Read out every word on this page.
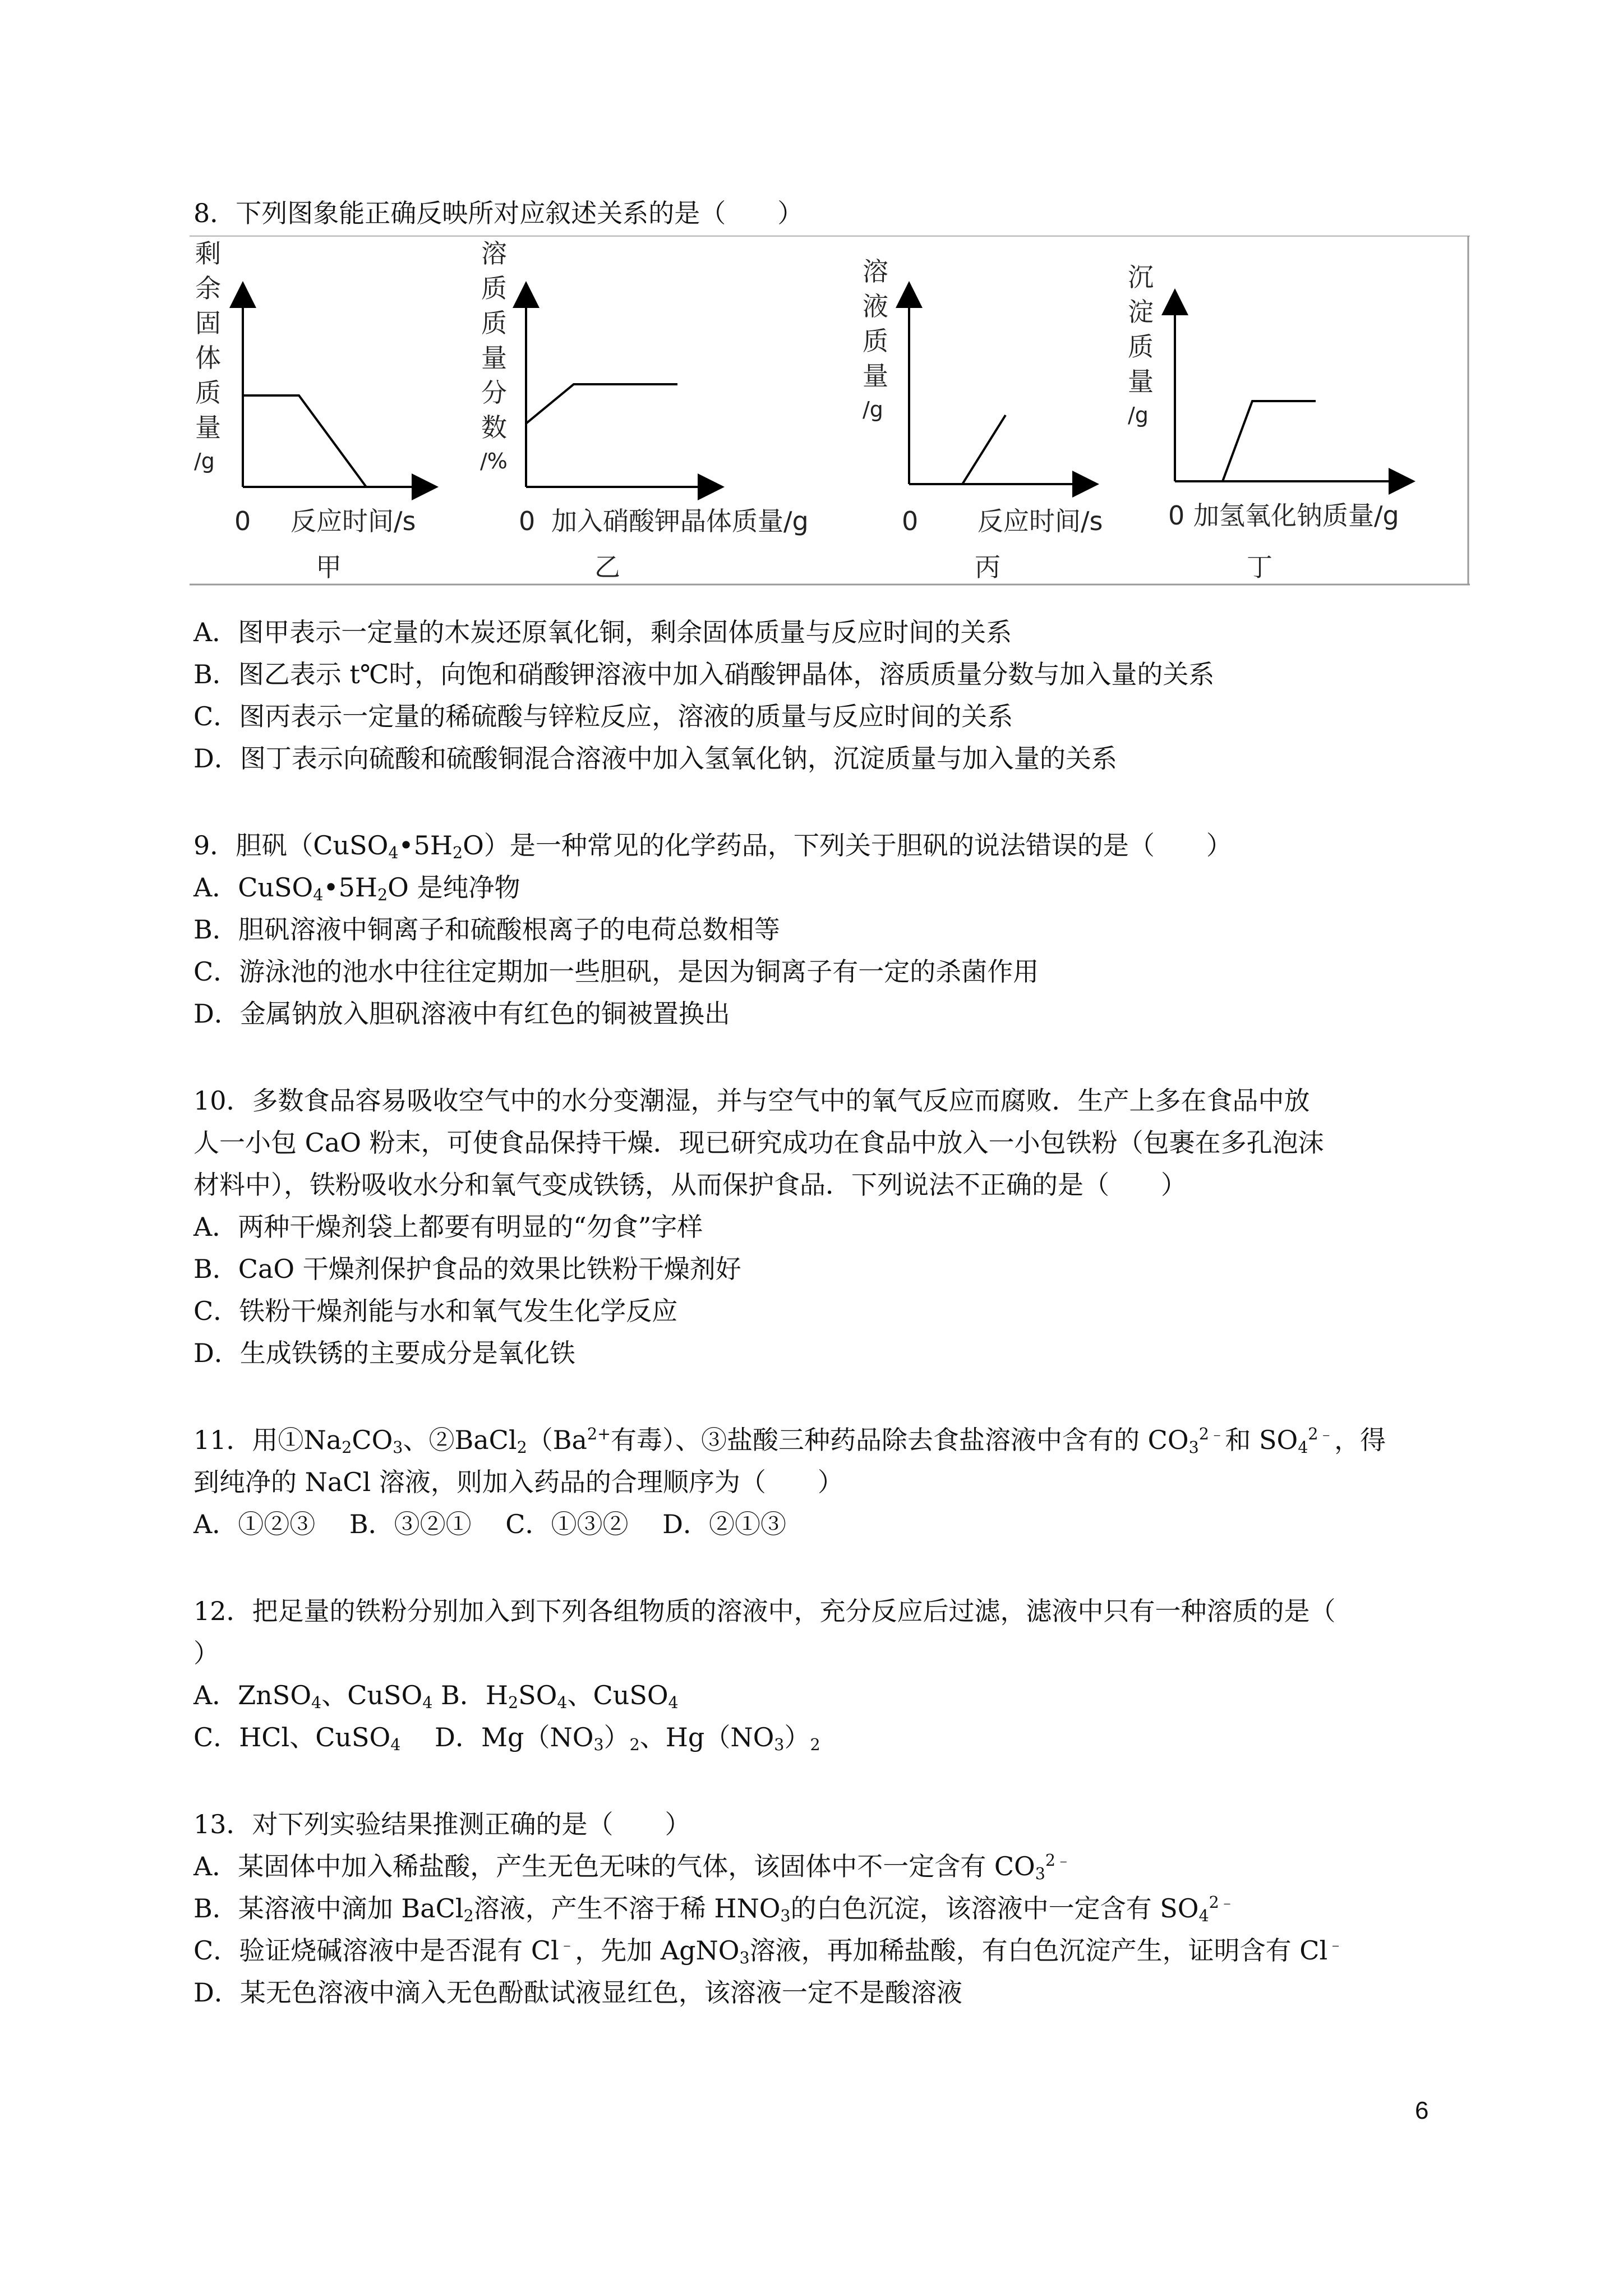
8．下列图象能正确反映所对应叙述关系的是（　　）
剩
余
固
体
质
量
/g
0 反应时间/s
甲
溶
质
质
量
分
数
/%
0 加入硝酸钾晶体质量/g
乙
溶
液
质
量
/g
0 反应时间/s
丙
沉
淀
质
量
/g
0 加氢氧化钠质量/g
丁
A．图甲表示一定量的木炭还原氧化铜，剩余固体质量与反应时间的关系
B．图乙表示 t℃时，向饱和硝酸钾溶液中加入硝酸钾晶体，溶质质量分数与加入量的关系
C．图丙表示一定量的稀硫酸与锌粒反应，溶液的质量与反应时间的关系
D．图丁表示向硫酸和硫酸铜混合溶液中加入氢氧化钠，沉淀质量与加入量的关系
9．胆矾$(CuSO_4•5H_2O)$是一种常见的化学药品，下列关于胆矾的说法错误的是（　　）
A．$CuSO_4•5H_2O$ 是纯净物
B．胆矾溶液中铜离子和硫酸根离子的电荷总数相等
C．游泳池的池水中往往定期加一些胆矾，是因为铜离子有一定的杀菌作用
D．金属钠放入胆矾溶液中有红色的铜被置换出
10．多数食品容易吸收空气中的水分变潮湿，并与空气中的氧气反应而腐败．生产上多在食品中放
人一小包 CaO 粉末，可使食品保持干燥．现已研究成功在食品中放入一小包铁粉（包裹在多孔泡沫
材料中），铁粉吸收水分和氧气变成铁锈，从而保护食品．下列说法不正确的是（　　）
A．两种干燥剂袋上都要有明显的“勿食”字样
B．CaO 干燥剂保护食品的效果比铁粉干燥剂好
C．铁粉干燥剂能与水和氧气发生化学反应
D．生成铁锈的主要成分是氧化铁
11．用$①Na_2CO_3$、$②BaCl_2(Ba^{2+}$有毒）、③盐酸三种药品除去食盐溶液中含有的 $CO_3^{2﹣}$和 $SO_4^{2﹣}$，得
到纯净的 NaCl 溶液，则加入药品的合理顺序为（　　）
A．①②③　 B．③②①　 C．①③②　 D．②①③
12．把足量的铁粉分别加入到下列各组物质的溶液中，充分反应后过滤，滤液中只有一种溶质的是（
）
A．ZnSO$_4$、CuSO$_4$ B．$H_2SO_4$、CuSO$_4$
C．HCl、CuSO$_4$　 D．$Mg(NO_3)_2$、$Hg(NO_3)_2$
13．对下列实验结果推测正确的是（　　）
A．某固体中加入稀盐酸，产生无色无味的气体，该固体中不一定含有 $CO_3^{2﹣}$
B．某溶液中滴加 BaCl$_2$溶液，产生不溶于稀 $HNO_3$的白色沉淀，该溶液中一定含有 $SO_4^{2﹣}$
C．验证烧碱溶液中是否混有 Cl﹣，先加 AgNO$_3$溶液，再加稀盐酸，有白色沉淀产生，证明含有 Cl﹣
D．某无色溶液中滴入无色酚酞试液显红色，该溶液一定不是酸溶液
6
